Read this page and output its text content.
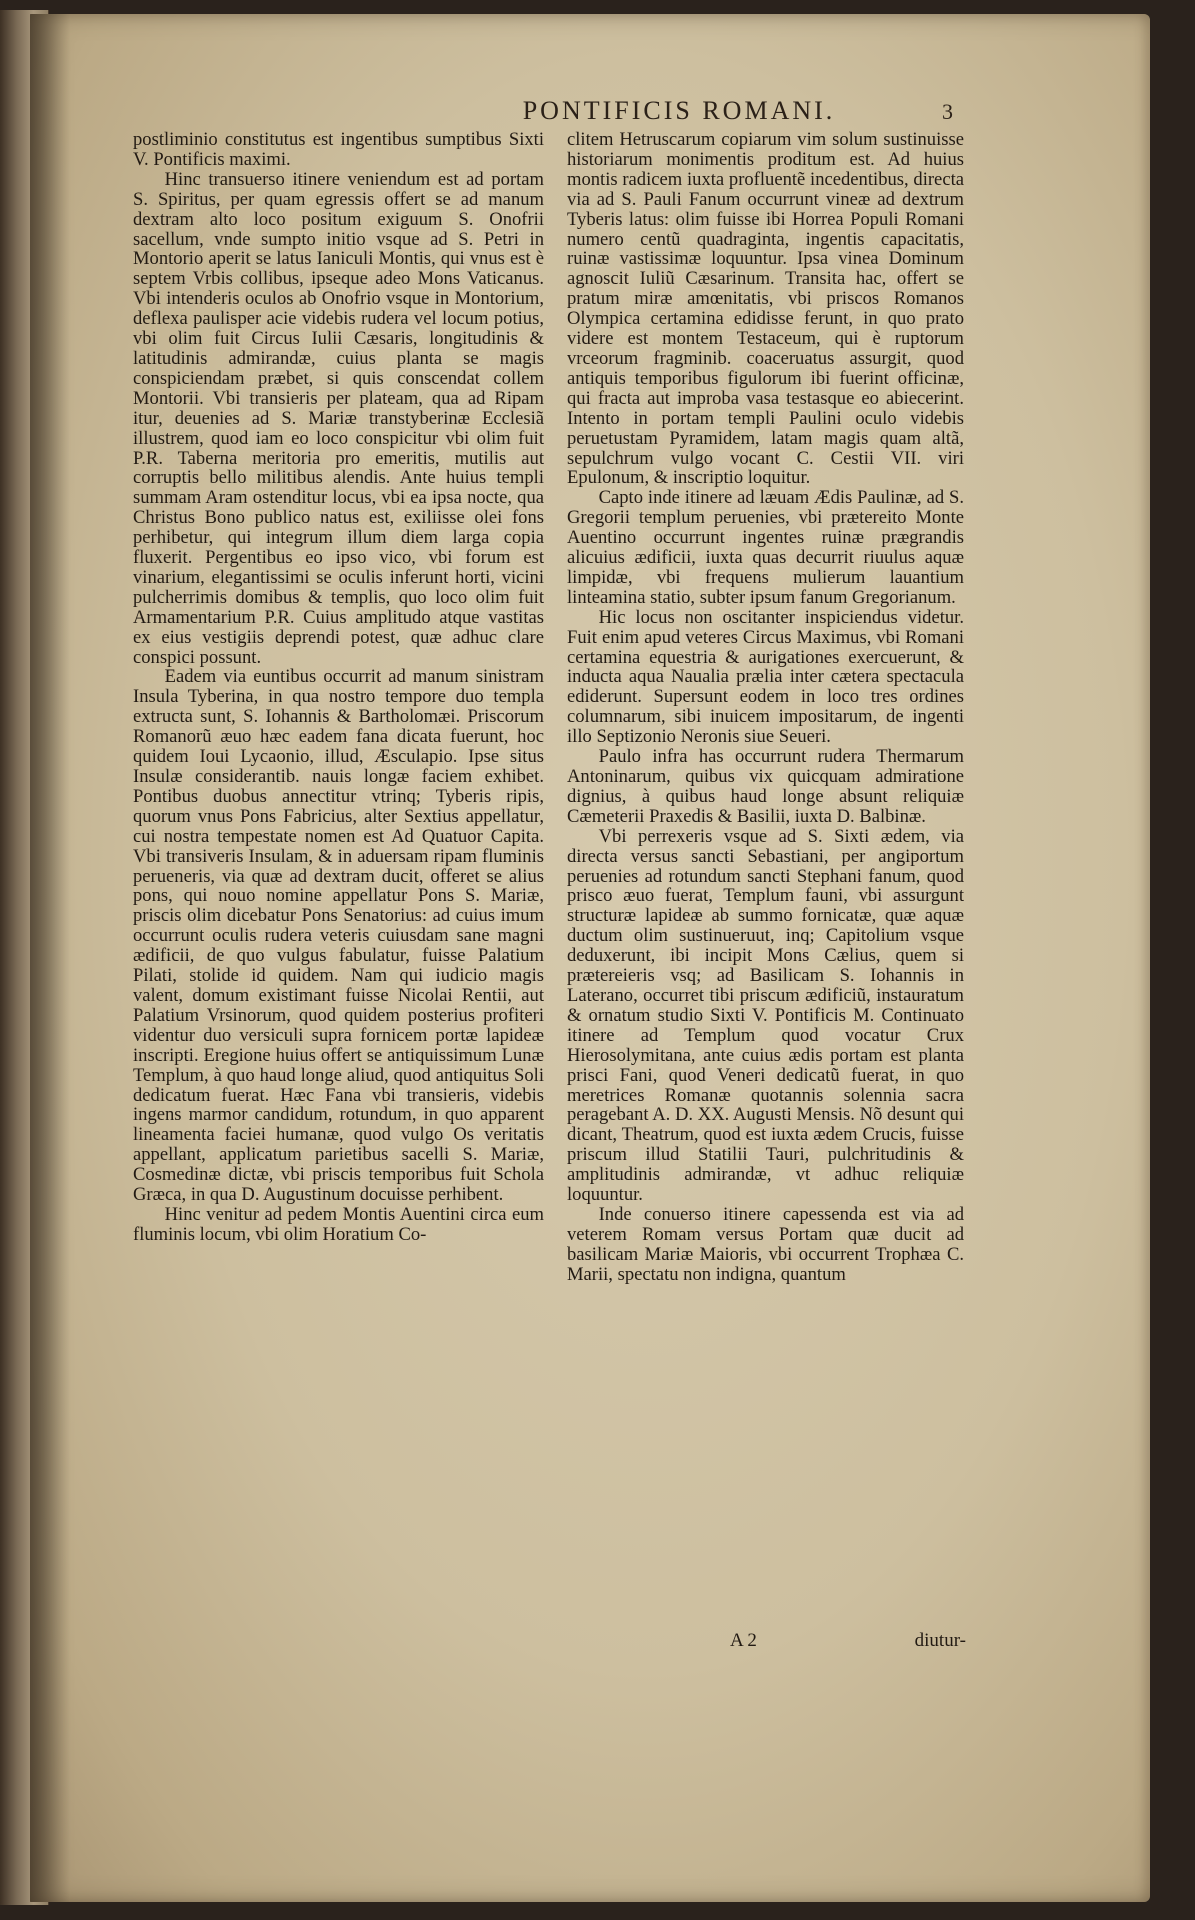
PONTIFICIS ROMANI.	3

postliminio constitutus est ingentibus sumptibus Sixti V. Pontificis maximi.

Hinc transuerso itinere veniendum est ad portam S. Spiritus, per quam egressis offert se ad manum dextram alto loco positum exiguum S. Onofrii sacellum, vnde sumpto initio vsque ad S. Petri in Montorio aperit se latus Ianiculi Montis, qui vnus est è septem Vrbis collibus, ipseque adeo Mons Vaticanus. Vbi intenderis oculos ab Onofrio vsque in Montorium, deflexa paulisper acie videbis rudera vel locum potius, vbi olim fuit Circus Iulii Cæsaris, longitudinis & latitudinis admirandæ, cuius planta se magis conspiciendam præbet, si quis conscendat collem Montorii. Vbi transieris per plateam, qua ad Ripam itur, deuenies ad S. Mariæ transtyberinæ Ecclesiã illustrem, quod iam eo loco conspicitur vbi olim fuit P.R. Taberna meritoria pro emeritis, mutilis aut corruptis bello militibus alendis. Ante huius templi summam Aram ostenditur locus, vbi ea ipsa nocte, qua Christus Bono publico natus est, exiliisse olei fons perhibetur, qui integrum illum diem larga copia fluxerit. Pergentibus eo ipso vico, vbi forum est vinarium, elegantissimi se oculis inferunt horti, vicini pulcherrimis domibus & templis, quo loco olim fuit Armamentarium P.R. Cuius amplitudo atque vastitas ex eius vestigiis deprendi potest, quæ adhuc clare conspici possunt.

Eadem via euntibus occurrit ad manum sinistram Insula Tyberina, in qua nostro tempore duo templa extructa sunt, S. Iohannis & Bartholomæi. Priscorum Romanorũ æuo hæc eadem fana dicata fuerunt, hoc quidem Ioui Lycaonio, illud, Æsculapio. Ipse situs Insulæ considerantib. nauis longæ faciem exhibet. Pontibus duobus annectitur vtrinq; Tyberis ripis, quorum vnus Pons Fabricius, alter Sextius appellatur, cui nostra tempestate nomen est Ad Quatuor Capita. Vbi transiveris Insulam, & in aduersam ripam fluminis perueneris, via quæ ad dextram ducit, offeret se alius pons, qui nouo nomine appellatur Pons S. Mariæ, priscis olim dicebatur Pons Senatorius: ad cuius imum occurrunt oculis rudera veteris cuiusdam sane magni ædificii, de quo vulgus fabulatur, fuisse Palatium Pilati, stolide id quidem. Nam qui iudicio magis valent, domum existimant fuisse Nicolai Rentii, aut Palatium Vrsinorum, quod quidem posterius profiteri videntur duo versiculi supra fornicem portæ lapideæ inscripti. Eregione huius offert se antiquissimum Lunæ Templum, à quo haud longe aliud, quod antiquitus Soli dedicatum fuerat. Hæc Fana vbi transieris, videbis ingens marmor candidum, rotundum, in quo apparent lineamenta faciei humanæ, quod vulgo Os veritatis appellant, applicatum parietibus sacelli S. Mariæ, Cosmedinæ dictæ, vbi priscis temporibus fuit Schola Græca, in qua D. Augustinum docuisse perhibent.

Hinc venitur ad pedem Montis Auentini circa eum fluminis locum, vbi olim Horatium Co-

clitem Hetruscarum copiarum vim solum sustinuisse historiarum monimentis proditum est. Ad huius montis radicem iuxta profluentẽ incedentibus, directa via ad S. Pauli Fanum occurrunt vineæ ad dextrum Tyberis latus: olim fuisse ibi Horrea Populi Romani numero centũ quadraginta, ingentis capacitatis, ruinæ vastissimæ loquuntur. Ipsa vinea Dominum agnoscit Iuliũ Cæsarinum. Transita hac, offert se pratum miræ amœnitatis, vbi priscos Romanos Olympica certamina edidisse ferunt, in quo prato videre est montem Testaceum, qui è ruptorum vrceorum fragminib. coaceruatus assurgit, quod antiquis temporibus figulorum ibi fuerint officinæ, qui fracta aut improba vasa testasque eo abiecerint. Intento in portam templi Paulini oculo videbis peruetustam Pyramidem, latam magis quam altã, sepulchrum vulgo vocant C. Cestii VII. viri Epulonum, & inscriptio loquitur.

Capto inde itinere ad læuam Ædis Paulinæ, ad S. Gregorii templum peruenies, vbi prætereito Monte Auentino occurrunt ingentes ruinæ prægrandis alicuius ædificii, iuxta quas decurrit riuulus aquæ limpidæ, vbi frequens mulierum lauantium linteamina statio, subter ipsum fanum Gregorianum.

Hic locus non oscitanter inspiciendus videtur. Fuit enim apud veteres Circus Maximus, vbi Romani certamina equestria & aurigationes exercuerunt, & inducta aqua Naualia prælia inter cætera spectacula ediderunt. Supersunt eodem in loco tres ordines columnarum, sibi inuicem impositarum, de ingenti illo Septizonio Neronis siue Seueri.

Paulo infra has occurrunt rudera Thermarum Antoninarum, quibus vix quicquam admiratione dignius, à quibus haud longe absunt reliquiæ Cæmeterii Praxedis & Basilii, iuxta D. Balbinæ.

Vbi perrexeris vsque ad S. Sixti ædem, via directa versus sancti Sebastiani, per angiportum peruenies ad rotundum sancti Stephani fanum, quod prisco æuo fuerat, Templum fauni, vbi assurgunt structuræ lapideæ ab summo fornicatæ, quæ aquæ ductum olim sustinueruut, inq; Capitolium vsque deduxerunt, ibi incipit Mons Cælius, quem si prætereieris vsq; ad Basilicam S. Iohannis in Laterano, occurret tibi priscum ædificiũ, instauratum & ornatum studio Sixti V. Pontificis M. Continuato itinere ad Templum quod vocatur Crux Hierosolymitana, ante cuius ædis portam est planta prisci Fani, quod Veneri dedicatũ fuerat, in quo meretrices Romanæ quotannis solennia sacra peragebant A. D. XX. Augusti Mensis. Nõ desunt qui dicant, Theatrum, quod est iuxta ædem Crucis, fuisse priscum illud Statilii Tauri, pulchritudinis & amplitudinis admirandæ, vt adhuc reliquiæ loquuntur.

Inde conuerso itinere capessenda est via ad veterem Romam versus Portam quæ ducit ad basilicam Mariæ Maioris, vbi occurrent Trophæa C. Marii, spectatu non indigna, quantum

A 2	diutur-
